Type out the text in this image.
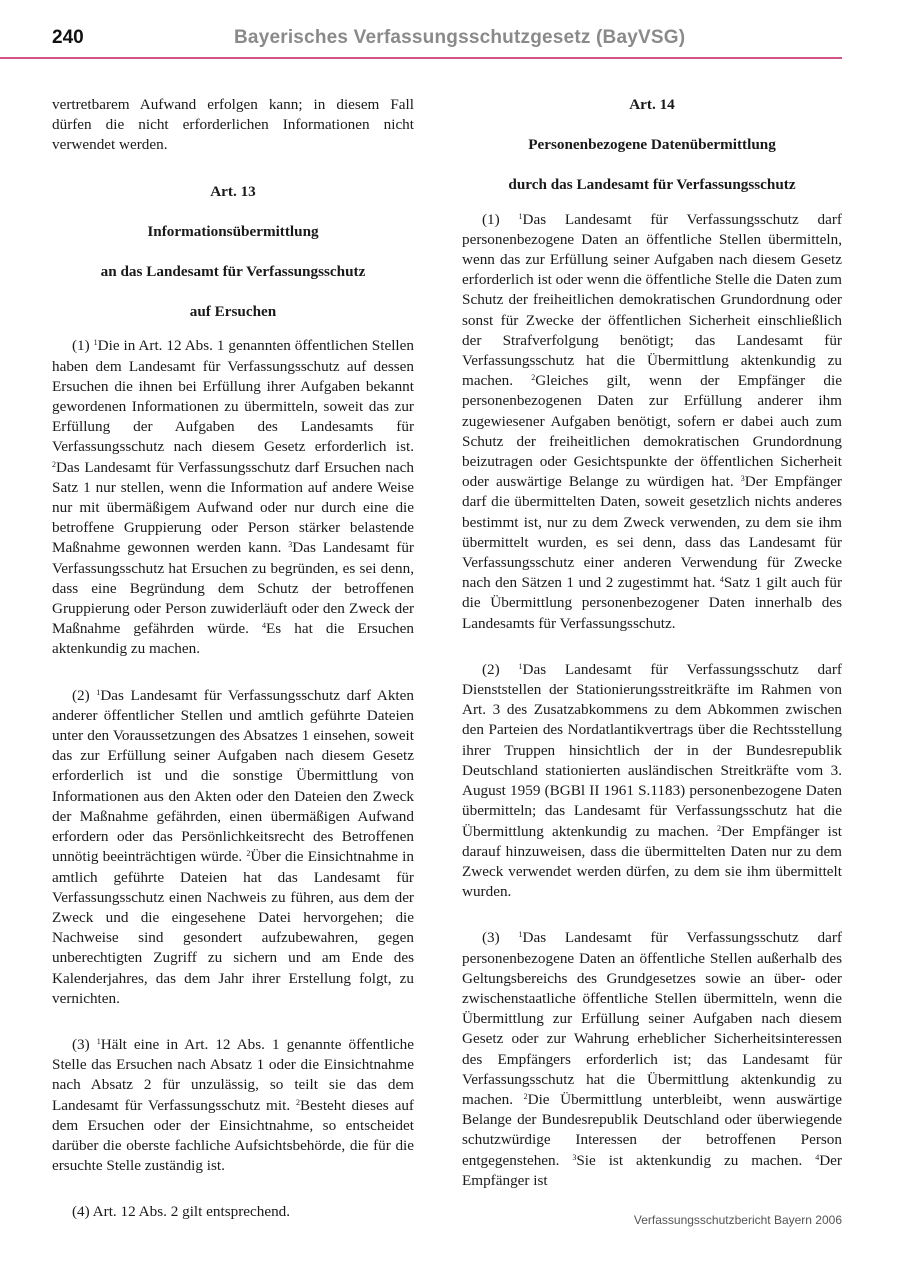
240	Bayerisches Verfassungsschutzgesetz (BayVSG)

vertretbarem Aufwand erfolgen kann; in diesem Fall dürfen die nicht erforderlichen Informationen nicht verwendet werden.

Art. 13

Informationsübermittlung

an das Landesamt für Verfassungsschutz

auf Ersuchen

(1) $^1$Die in Art. 12 Abs. 1 genannten öffentlichen Stellen haben dem Landesamt für Verfassungsschutz auf dessen Ersuchen die ihnen bei Erfüllung ihrer Aufgaben bekannt gewordenen Informationen zu übermitteln, soweit das zur Erfüllung der Aufgaben des Landesamts für Verfassungsschutz nach diesem Gesetz erforderlich ist. $^2$Das Landesamt für Verfassungsschutz darf Ersuchen nach Satz 1 nur stellen, wenn die Information auf andere Weise nur mit übermäßigem Aufwand oder nur durch eine die betroffene Gruppierung oder Person stärker belastende Maßnahme gewonnen werden kann. $^3$Das Landesamt für Verfassungsschutz hat Ersuchen zu begründen, es sei denn, dass eine Begründung dem Schutz der betroffenen Gruppierung oder Person zuwiderläuft oder den Zweck der Maßnahme gefährden würde. $^4$Es hat die Ersuchen aktenkundig zu machen.

(2) $^1$Das Landesamt für Verfassungsschutz darf Akten anderer öffentlicher Stellen und amtlich geführte Dateien unter den Voraussetzungen des Absatzes 1 einsehen, soweit das zur Erfüllung seiner Aufgaben nach diesem Gesetz erforderlich ist und die sonstige Übermittlung von Informationen aus den Akten oder den Dateien den Zweck der Maßnahme gefährden, einen übermäßigen Aufwand erfordern oder das Persönlichkeitsrecht des Betroffenen unnötig beeinträchtigen würde. $^2$Über die Einsichtnahme in amtlich geführte Dateien hat das Landesamt für Verfassungsschutz einen Nachweis zu führen, aus dem der Zweck und die eingesehene Datei hervorgehen; die Nachweise sind gesondert aufzubewahren, gegen unberechtigten Zugriff zu sichern und am Ende des Kalenderjahres, das dem Jahr ihrer Erstellung folgt, zu vernichten.

(3) $^1$Hält eine in Art. 12 Abs. 1 genannte öffentliche Stelle das Ersuchen nach Absatz 1 oder die Einsichtnahme nach Absatz 2 für unzulässig, so teilt sie das dem Landesamt für Verfassungsschutz mit. $^2$Besteht dieses auf dem Ersuchen oder der Einsichtnahme, so entscheidet darüber die oberste fachliche Aufsichtsbehörde, die für die ersuchte Stelle zuständig ist.

(4) Art. 12 Abs. 2 gilt entsprechend.

Art. 14

Personenbezogene Datenübermittlung

durch das Landesamt für Verfassungsschutz

(1) $^1$Das Landesamt für Verfassungsschutz darf personenbezogene Daten an öffentliche Stellen übermitteln, wenn das zur Erfüllung seiner Aufgaben nach diesem Gesetz erforderlich ist oder wenn die öffentliche Stelle die Daten zum Schutz der freiheitlichen demokratischen Grundordnung oder sonst für Zwecke der öffentlichen Sicherheit einschließlich der Strafverfolgung benötigt; das Landesamt für Verfassungsschutz hat die Übermittlung aktenkundig zu machen. $^2$Gleiches gilt, wenn der Empfänger die personenbezogenen Daten zur Erfüllung anderer ihm zugewiesener Aufgaben benötigt, sofern er dabei auch zum Schutz der freiheitlichen demokratischen Grundordnung beizutragen oder Gesichtspunkte der öffentlichen Sicherheit oder auswärtige Belange zu würdigen hat. $^3$Der Empfänger darf die übermittelten Daten, soweit gesetzlich nichts anderes bestimmt ist, nur zu dem Zweck verwenden, zu dem sie ihm übermittelt wurden, es sei denn, dass das Landesamt für Verfassungsschutz einer anderen Verwendung für Zwecke nach den Sätzen 1 und 2 zugestimmt hat. $^4$Satz 1 gilt auch für die Übermittlung personenbezogener Daten innerhalb des Landesamts für Verfassungsschutz.

(2) $^1$Das Landesamt für Verfassungsschutz darf Dienststellen der Stationierungsstreitkräfte im Rahmen von Art. 3 des Zusatzabkommens zu dem Abkommen zwischen den Parteien des Nordatlantikvertrags über die Rechtsstellung ihrer Truppen hinsichtlich der in der Bundesrepublik Deutschland stationierten ausländischen Streitkräfte vom 3. August 1959 (BGBl II 1961 S.1183) personenbezogene Daten übermitteln; das Landesamt für Verfassungsschutz hat die Übermittlung aktenkundig zu machen. $^2$Der Empfänger ist darauf hinzuweisen, dass die übermittelten Daten nur zu dem Zweck verwendet werden dürfen, zu dem sie ihm übermittelt wurden.

(3) $^1$Das Landesamt für Verfassungsschutz darf personenbezogene Daten an öffentliche Stellen außerhalb des Geltungsbereichs des Grundgesetzes sowie an über- oder zwischenstaatliche öffentliche Stellen übermitteln, wenn die Übermittlung zur Erfüllung seiner Aufgaben nach diesem Gesetz oder zur Wahrung erheblicher Sicherheitsinteressen des Empfängers erforderlich ist; das Landesamt für Verfassungsschutz hat die Übermittlung aktenkundig zu machen. $^2$Die Übermittlung unterbleibt, wenn auswärtige Belange der Bundesrepublik Deutschland oder überwiegende schutzwürdige Interessen der betroffenen Person entgegenstehen. $^3$Sie ist aktenkundig zu machen. $^4$Der Empfänger ist

Verfassungsschutzbericht Bayern 2006
